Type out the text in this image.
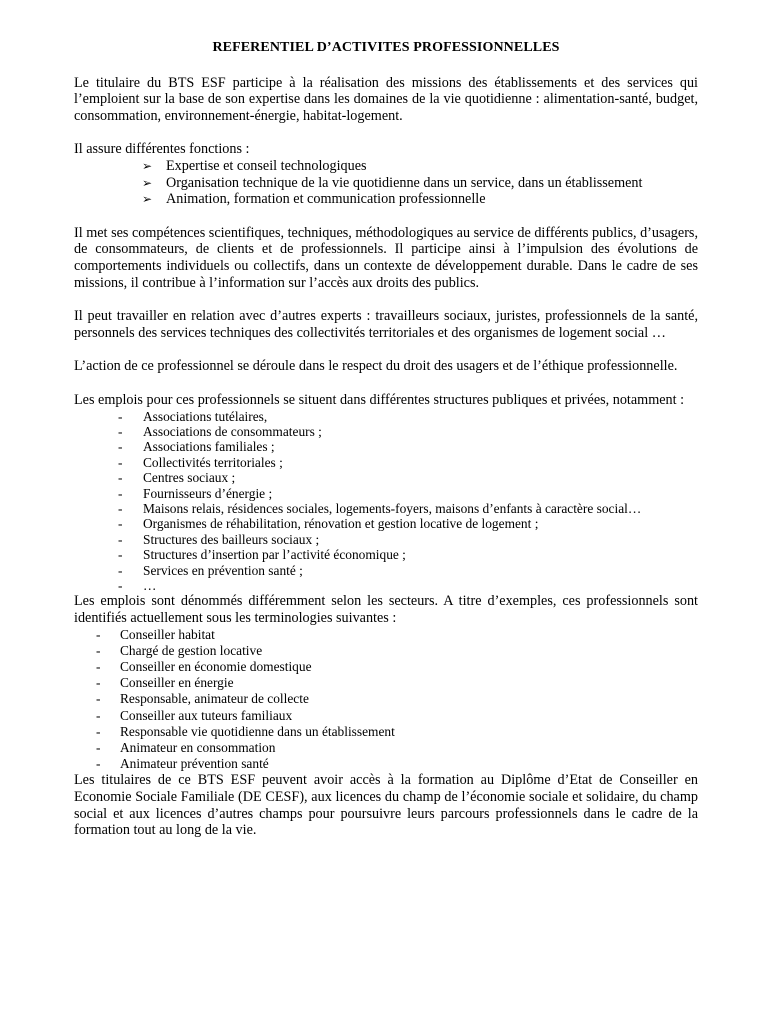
REFERENTIEL D’ACTIVITES PROFESSIONNELLES

Le titulaire du BTS ESF participe à la réalisation des missions des établissements et des services qui l’emploient sur la base de son expertise dans les domaines de la vie quotidienne : alimentation-santé, budget, consommation, environnement-énergie, habitat-logement.

Il assure différentes fonctions :

➢ Expertise et conseil technologiques
➢ Organisation technique de la vie quotidienne dans un service, dans un établissement
➢ Animation, formation et communication professionnelle

Il met ses compétences scientifiques, techniques, méthodologiques au service de différents publics, d’usagers, de consommateurs, de clients et de professionnels. Il participe ainsi à l’impulsion des évolutions de comportements individuels ou collectifs, dans un contexte de développement durable. Dans le cadre de ses missions, il contribue à l’information sur l’accès aux droits des publics.

Il peut travailler en relation avec d’autres experts : travailleurs sociaux, juristes, professionnels de la santé, personnels des services techniques des collectivités territoriales et des organismes de logement social …

L’action de ce professionnel se déroule dans le respect du droit des usagers et de l’éthique professionnelle.

Les emplois pour ces professionnels se situent dans différentes structures publiques et privées, notamment :

- Associations tutélaires,
- Associations de consommateurs ;
- Associations familiales ;
- Collectivités territoriales ;
- Centres sociaux ;
- Fournisseurs d’énergie ;
- Maisons relais, résidences sociales, logements-foyers, maisons d’enfants à caractère social…
- Organismes de réhabilitation, rénovation et gestion locative de logement ;
- Structures des bailleurs sociaux ;
- Structures d’insertion par l’activité économique ;
- Services en prévention santé ;
- …

Les emplois sont dénommés différemment selon les secteurs. A titre d’exemples, ces professionnels sont identifiés actuellement sous les terminologies suivantes :

- Conseiller habitat
- Chargé de gestion locative
- Conseiller en économie domestique
- Conseiller en énergie
- Responsable, animateur de collecte
- Conseiller aux tuteurs familiaux
- Responsable vie quotidienne dans un établissement
- Animateur en consommation
- Animateur prévention santé

Les titulaires de ce BTS ESF peuvent avoir accès à la formation au Diplôme d’Etat de Conseiller en Economie Sociale Familiale (DE CESF), aux licences du champ de l’économie sociale et solidaire, du champ social et aux licences d’autres champs pour poursuivre leurs parcours professionnels dans le cadre de la formation tout au long de la vie.
